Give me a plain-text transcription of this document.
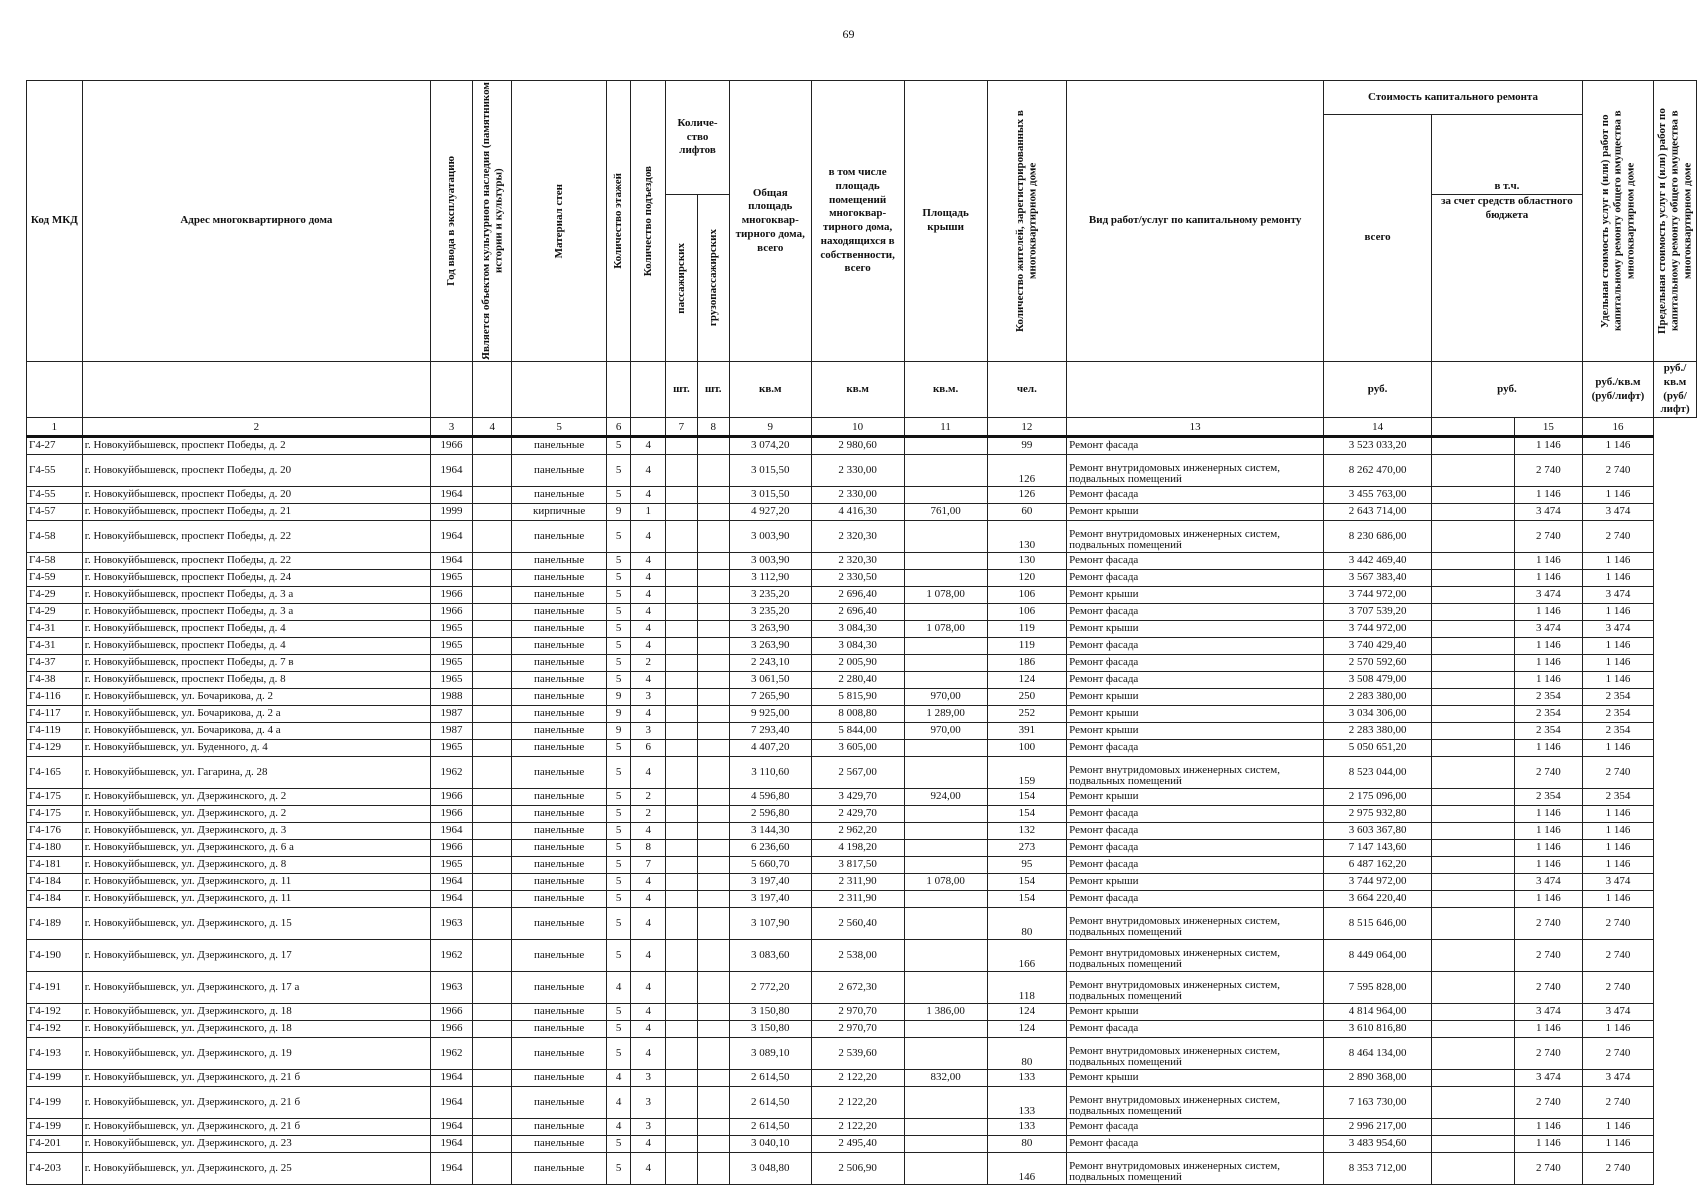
69
Код МКД	Адрес многоквартирного дома	Год ввода в эксплуатацию	Является объектом культурного наследия (памятником истории и культуры)	Материал стен	Количество этажей	Количество подъездов	Количе-ство лифтов		Общая площадь многоквар-тирного дома, всего	в том числе площадь помещений многоквар-тирного дома, находящихся в собственности, всего	Площадь крыши	Количество жителей, зарегистрированных в многоквартирном доме	Вид работ/услуг по капитальному ремонту	Стоимость капитального ремонта			Удельная стоимость услуг и (или) работ по капитальному ремонту общего имущества в многоквартирном доме	Предельная стоимость услуг и (или) работ по капитальному ремонту общего имущества в многоквартирном доме

														всего	в т.ч.			

							пассажирских	грузопассажирских							за счет средств областного бюджета			
							шт.	шт.	кв.м	кв.м	кв.м.	чел.		руб.	руб.		руб./кв.м (руб/лифт)	руб./кв.м (руб/лифт)
1	2	3	4	5	6		7	8	9	10	11	12	13	14		15	16	
Г4-27	г. Новокуйбышевск, проспект Победы, д. 2	1966		панельные	5	4			3 074,20	2 980,60		99	Ремонт фасада	3 523 033,20		1 146	1 146	
Г4-55	г. Новокуйбышевск, проспект Победы, д. 20	1964		панельные	5	4			3 015,50	2 330,00		126	Ремонт внутридомовых инженерных систем, подвальных помещений	8 262 470,00		2 740	2 740	
Г4-55	г. Новокуйбышевск, проспект Победы, д. 20	1964		панельные	5	4			3 015,50	2 330,00		126	Ремонт фасада	3 455 763,00		1 146	1 146	
Г4-57	г. Новокуйбышевск, проспект Победы, д. 21	1999		кирпичные	9	1			4 927,20	4 416,30	761,00	60	Ремонт крыши	2 643 714,00		3 474	3 474	
Г4-58	г. Новокуйбышевск, проспект Победы, д. 22	1964		панельные	5	4			3 003,90	2 320,30		130	Ремонт внутридомовых инженерных систем, подвальных помещений	8 230 686,00		2 740	2 740	
Г4-58	г. Новокуйбышевск, проспект Победы, д. 22	1964		панельные	5	4			3 003,90	2 320,30		130	Ремонт фасада	3 442 469,40		1 146	1 146	
Г4-59	г. Новокуйбышевск, проспект Победы, д. 24	1965		панельные	5	4			3 112,90	2 330,50		120	Ремонт фасада	3 567 383,40		1 146	1 146	
Г4-29	г. Новокуйбышевск, проспект Победы, д. 3 а	1966		панельные	5	4			3 235,20	2 696,40	1 078,00	106	Ремонт крыши	3 744 972,00		3 474	3 474	
Г4-29	г. Новокуйбышевск, проспект Победы, д. 3 а	1966		панельные	5	4			3 235,20	2 696,40		106	Ремонт фасада	3 707 539,20		1 146	1 146	
Г4-31	г. Новокуйбышевск, проспект Победы, д. 4	1965		панельные	5	4			3 263,90	3 084,30	1 078,00	119	Ремонт крыши	3 744 972,00		3 474	3 474	
Г4-31	г. Новокуйбышевск, проспект Победы, д. 4	1965		панельные	5	4			3 263,90	3 084,30		119	Ремонт фасада	3 740 429,40		1 146	1 146	
Г4-37	г. Новокуйбышевск, проспект Победы, д. 7 в	1965		панельные	5	2			2 243,10	2 005,90		186	Ремонт фасада	2 570 592,60		1 146	1 146	
Г4-38	г. Новокуйбышевск, проспект Победы, д. 8	1965		панельные	5	4			3 061,50	2 280,40		124	Ремонт фасада	3 508 479,00		1 146	1 146	
Г4-116	г. Новокуйбышевск, ул. Бочарикова, д. 2	1988		панельные	9	3			7 265,90	5 815,90	970,00	250	Ремонт крыши	2 283 380,00		2 354	2 354	
Г4-117	г. Новокуйбышевск, ул. Бочарикова, д. 2 а	1987		панельные	9	4			9 925,00	8 008,80	1 289,00	252	Ремонт крыши	3 034 306,00		2 354	2 354	
Г4-119	г. Новокуйбышевск, ул. Бочарикова, д. 4 а	1987		панельные	9	3			7 293,40	5 844,00	970,00	391	Ремонт крыши	2 283 380,00		2 354	2 354	
Г4-129	г. Новокуйбышевск, ул. Буденного, д. 4	1965		панельные	5	6			4 407,20	3 605,00		100	Ремонт фасада	5 050 651,20		1 146	1 146	
Г4-165	г. Новокуйбышевск, ул. Гагарина, д. 28	1962		панельные	5	4			3 110,60	2 567,00		159	Ремонт внутридомовых инженерных систем, подвальных помещений	8 523 044,00		2 740	2 740	
Г4-175	г. Новокуйбышевск, ул. Дзержинского, д. 2	1966		панельные	5	2			4 596,80	3 429,70	924,00	154	Ремонт крыши	2 175 096,00		2 354	2 354	
Г4-175	г. Новокуйбышевск, ул. Дзержинского, д. 2	1966		панельные	5	2			2 596,80	2 429,70		154	Ремонт фасада	2 975 932,80		1 146	1 146	
Г4-176	г. Новокуйбышевск, ул. Дзержинского, д. 3	1964		панельные	5	4			3 144,30	2 962,20		132	Ремонт фасада	3 603 367,80		1 146	1 146	
Г4-180	г. Новокуйбышевск, ул. Дзержинского, д. 6 а	1966		панельные	5	8			6 236,60	4 198,20		273	Ремонт фасада	7 147 143,60		1 146	1 146	
Г4-181	г. Новокуйбышевск, ул. Дзержинского, д. 8	1965		панельные	5	7			5 660,70	3 817,50		95	Ремонт фасада	6 487 162,20		1 146	1 146	
Г4-184	г. Новокуйбышевск, ул. Дзержинского, д. 11	1964		панельные	5	4			3 197,40	2 311,90	1 078,00	154	Ремонт крыши	3 744 972,00		3 474	3 474	
Г4-184	г. Новокуйбышевск, ул. Дзержинского, д. 11	1964		панельные	5	4			3 197,40	2 311,90		154	Ремонт фасада	3 664 220,40		1 146	1 146	
Г4-189	г. Новокуйбышевск, ул. Дзержинского, д. 15	1963		панельные	5	4			3 107,90	2 560,40		80	Ремонт внутридомовых инженерных систем, подвальных помещений	8 515 646,00		2 740	2 740	
Г4-190	г. Новокуйбышевск, ул. Дзержинского, д. 17	1962		панельные	5	4			3 083,60	2 538,00		166	Ремонт внутридомовых инженерных систем, подвальных помещений	8 449 064,00		2 740	2 740	
Г4-191	г. Новокуйбышевск, ул. Дзержинского, д. 17 а	1963		панельные	4	4			2 772,20	2 672,30		118	Ремонт внутридомовых инженерных систем, подвальных помещений	7 595 828,00		2 740	2 740	
Г4-192	г. Новокуйбышевск, ул. Дзержинского, д. 18	1966		панельные	5	4			3 150,80	2 970,70	1 386,00	124	Ремонт крыши	4 814 964,00		3 474	3 474	
Г4-192	г. Новокуйбышевск, ул. Дзержинского, д. 18	1966		панельные	5	4			3 150,80	2 970,70		124	Ремонт фасада	3 610 816,80		1 146	1 146	
Г4-193	г. Новокуйбышевск, ул. Дзержинского, д. 19	1962		панельные	5	4			3 089,10	2 539,60		80	Ремонт внутридомовых инженерных систем, подвальных помещений	8 464 134,00		2 740	2 740	
Г4-199	г. Новокуйбышевск, ул. Дзержинского, д. 21 б	1964		панельные	4	3			2 614,50	2 122,20	832,00	133	Ремонт крыши	2 890 368,00		3 474	3 474	
Г4-199	г. Новокуйбышевск, ул. Дзержинского, д. 21 б	1964		панельные	4	3			2 614,50	2 122,20		133	Ремонт внутридомовых инженерных систем, подвальных помещений	7 163 730,00		2 740	2 740	
Г4-199	г. Новокуйбышевск, ул. Дзержинского, д. 21 б	1964		панельные	4	3			2 614,50	2 122,20		133	Ремонт фасада	2 996 217,00		1 146	1 146	
Г4-201	г. Новокуйбышевск, ул. Дзержинского, д. 23	1964		панельные	5	4			3 040,10	2 495,40		80	Ремонт фасада	3 483 954,60		1 146	1 146	
Г4-203	г. Новокуйбышевск, ул. Дзержинского, д. 25	1964		панельные	5	4			3 048,80	2 506,90		146	Ремонт внутридомовых инженерных систем, подвальных помещений	8 353 712,00		2 740	2 740	
